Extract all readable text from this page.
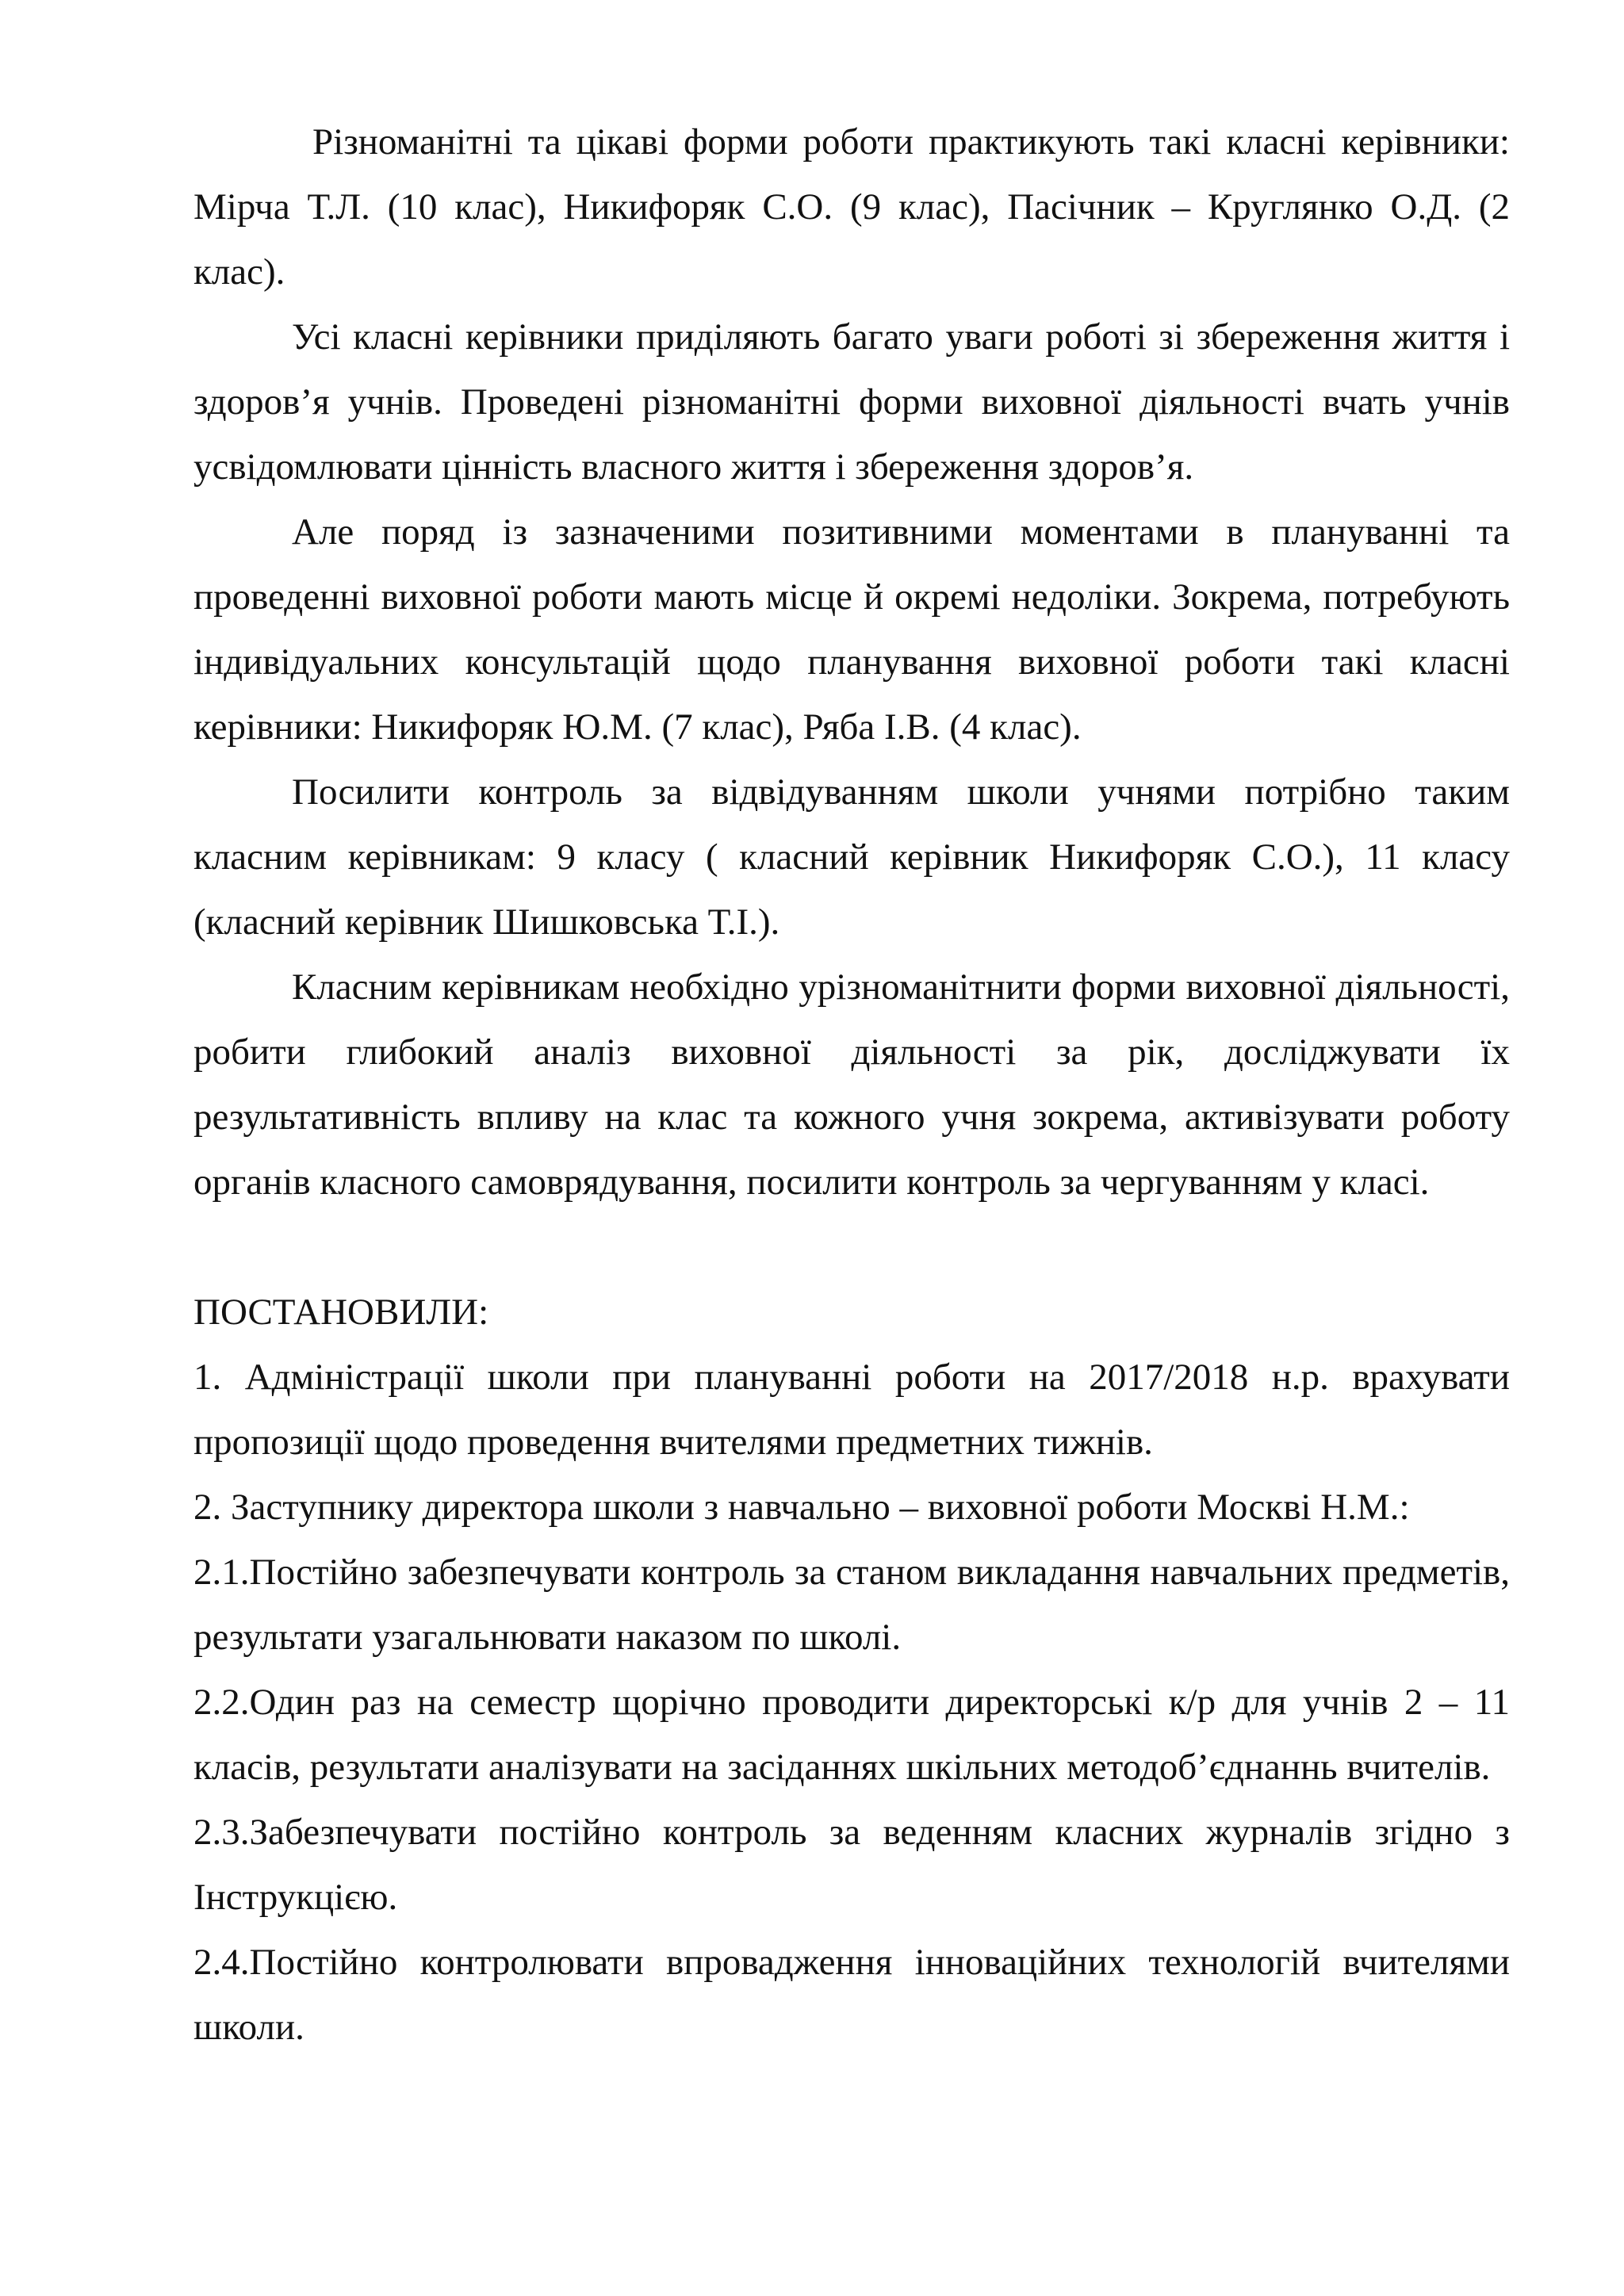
Різноманітні та цікаві форми роботи практикують такі класні керівники: Мірча Т.Л. (10 клас), Никифоряк С.О. (9 клас), Пасічник – Круглянко О.Д. (2 клас).

Усі класні керівники приділяють багато уваги роботі зі збереження життя і здоров’я учнів. Проведені різноманітні форми виховної діяльності вчать учнів усвідомлювати цінність власного життя і збереження здоров’я.

Але поряд із зазначеними позитивними моментами в плануванні та проведенні виховної роботи мають місце й окремі недоліки. Зокрема, потребують індивідуальних консультацій щодо планування виховної роботи такі класні керівники: Никифоряк Ю.М. (7 клас), Ряба І.В. (4 клас).

Посилити контроль за відвідуванням школи учнями потрібно таким класним керівникам: 9 класу ( класний керівник Никифоряк С.О.), 11 класу (класний керівник Шишковська Т.І.).

Класним керівникам необхідно урізноманітнити форми виховної діяльності, робити глибокий аналіз виховної діяльності за рік, досліджувати їх результативність впливу на клас та кожного учня зокрема, активізувати роботу органів класного самоврядування, посилити контроль за чергуванням у класі.

ПОСТАНОВИЛИ:

1. Адміністрації школи при плануванні роботи на 2017/2018 н.р. врахувати пропозиції щодо проведення вчителями предметних тижнів.

2. Заступнику директора школи з навчально – виховної роботи Москві Н.М.:

2.1.Постійно забезпечувати контроль за станом викладання навчальних предметів, результати узагальнювати наказом по школі.

2.2.Один раз на семестр щорічно проводити директорські к/р для учнів 2 – 11 класів, результати аналізувати на засіданнях шкільних методоб’єднаннь вчителів.

2.3.Забезпечувати постійно контроль за веденням класних журналів згідно з Інструкцією.

2.4.Постійно контролювати впровадження інноваційних технологій вчителями школи.
